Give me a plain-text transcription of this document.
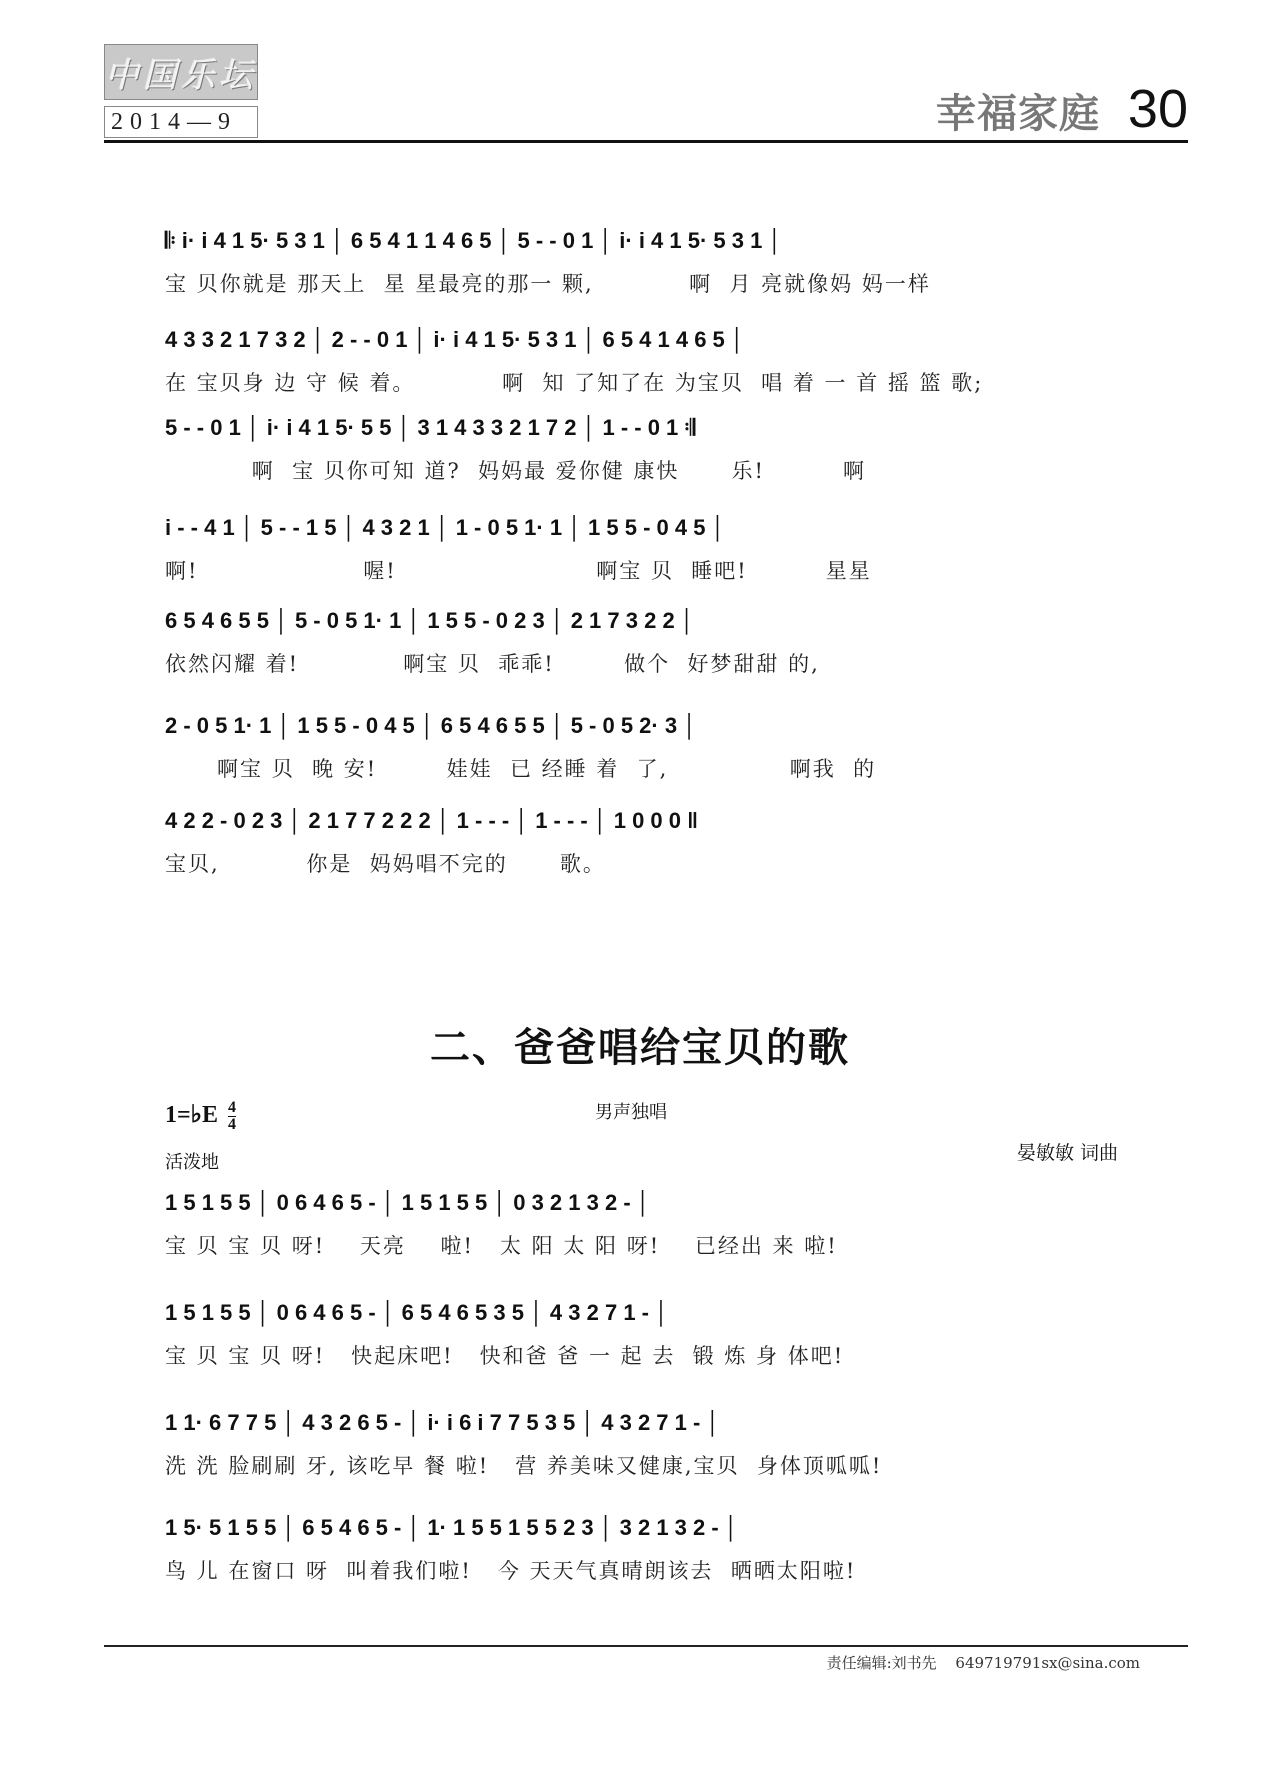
中国乐坛
2014—9	幸福家庭 30
𝄆 i· i 4 1 5· 5 3 1 │ 6 5 4 1 1 4 6 5 │ 5 - - 0 1 │ i· i 4 1 5· 5 3 1 │
宝 贝你就是 那天上  星 星最亮的那一 颗,           啊  月 亮就像妈 妈一样
4 3 3 2 1 7 3 2 │ 2 - - 0 1 │ i· i 4 1 5· 5 3 1 │ 6 5 4 1 4 6 5 │
在 宝贝身 边 守 候 着。          啊  知 了知了在 为宝贝  唱 着 一 首 摇 篮 歌;
5 - - 0 1 │ i· i 4 1 5· 5 5 │ 3 1 4 3 3 2 1 7 2 │ 1 - - 0 1 𝄇
啊  宝 贝你可知 道?  妈妈最 爱你健 康快      乐!         啊
i - - 4 1 │ 5 - - 1 5 │ 4 3 2 1 │ 1 - 0 5 1· 1 │ 1 5 5 - 0 4 5 │
啊!                   喔!                       啊宝 贝  睡吧!         星星
6 5 4 6 5 5 │ 5 - 0 5 1· 1 │ 1 5 5 - 0 2 3 │ 2 1 7 3 2 2 │
依然闪耀 着!            啊宝 贝  乖乖!        做个  好梦甜甜 的,
2 - 0 5 1· 1 │ 1 5 5 - 0 4 5 │ 6 5 4 6 5 5 │ 5 - 0 5 2· 3 │
啊宝 贝  晚 安!        娃娃  已 经睡 着  了,              啊我  的
4 2 2 - 0 2 3 │ 2 1 7 7 2 2 2 │ 1 - - - │ 1 - - - │ 1 0 0 0 ‖
宝贝,          你是  妈妈唱不完的      歌。
二、爸爸唱给宝贝的歌
1=♭E $\frac{4}{4}$	男声独唱
活泼地	晏敏敏 词曲
1 5 1 5 5 │ 0 6 4 6 5 - │ 1 5 1 5 5 │ 0 3 2 1 3 2 - │
宝 贝 宝 贝 呀!    天亮    啦!   太 阳 太 阳 呀!    已经出 来 啦!
1 5 1 5 5 │ 0 6 4 6 5 - │ 6 5 4 6 5 3 5 │ 4 3 2 7 1 - │
宝 贝 宝 贝 呀!   快起床吧!   快和爸 爸 一 起 去  锻 炼 身 体吧!
1 1· 6 7 7 5 │ 4 3 2 6 5 - │ i· i 6 i 7 7 5 3 5 │ 4 3 2 7 1 - │
洗 洗 脸刷刷 牙, 该吃早 餐 啦!   营 养美味又健康,宝贝  身体顶呱呱!
1 5· 5 1 5 5 │ 6 5 4 6 5 - │ 1· 1 5 5 1 5 5 2 3 │ 3 2 1 3 2 - │
鸟 儿 在窗口 呀  叫着我们啦!   今 天天气真晴朗该去  晒晒太阳啦!
责任编辑:刘书先 649719791sx@sina.com
